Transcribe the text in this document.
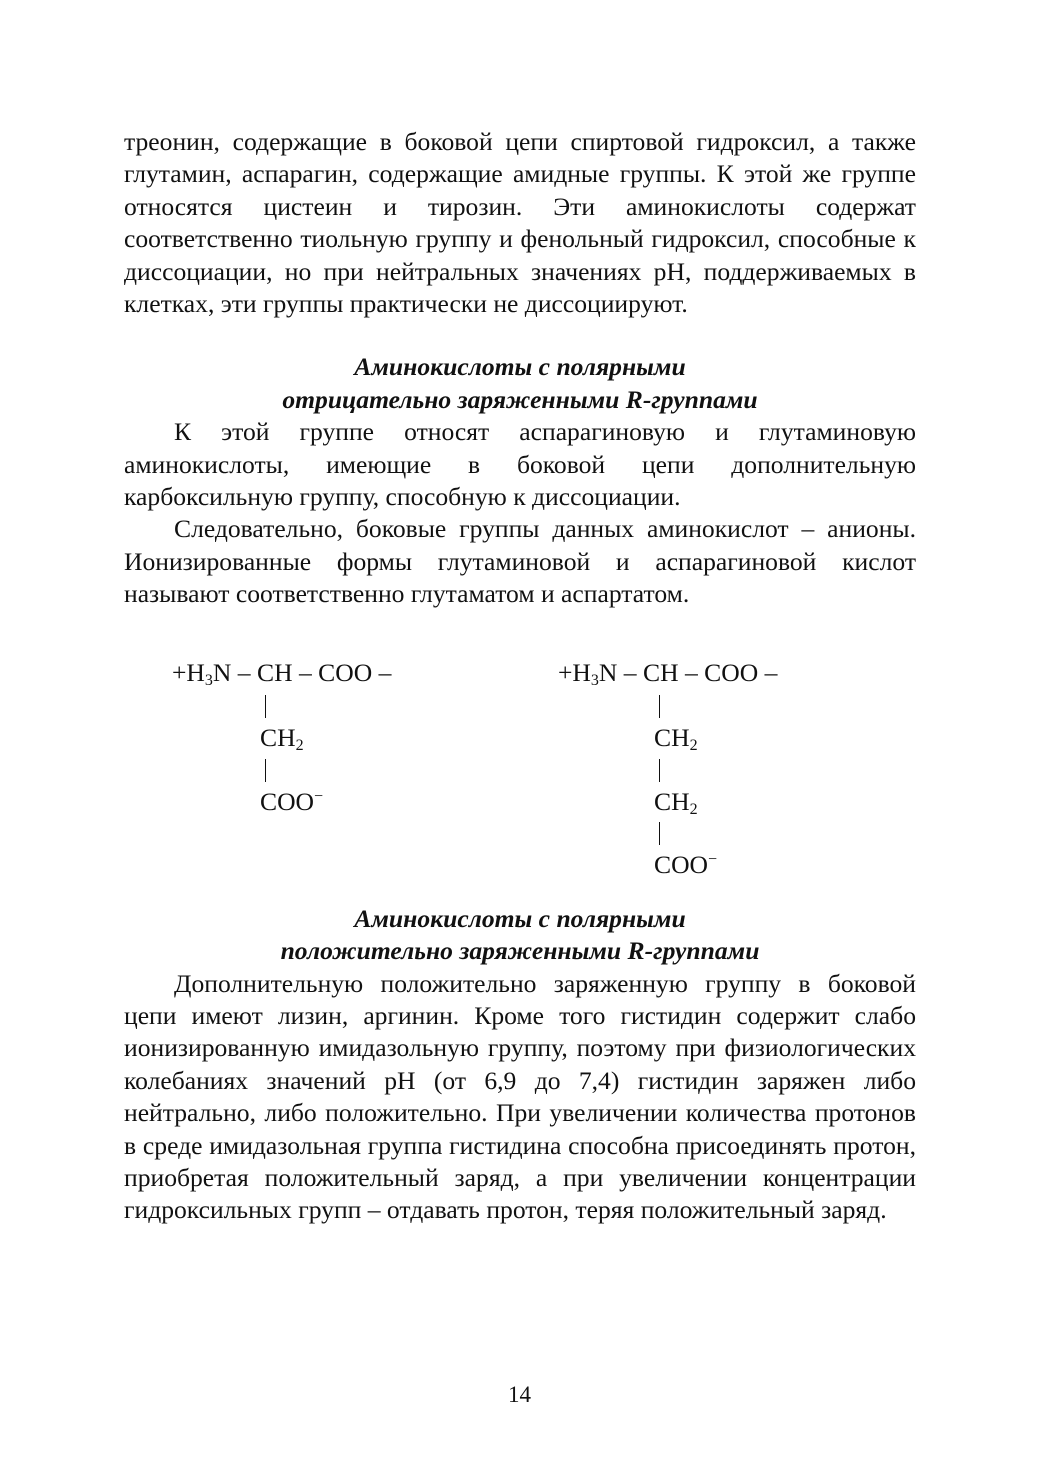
треонин, содержащие в боковой цепи спиртовой гидроксил, а также глутамин, аспарагин, содержащие амидные группы. К этой же группе относятся цистеин и тирозин. Эти аминокислоты содержат соответственно тиольную группу и фенольный гидроксил, способные к диссоциации, но при нейтральных значениях pH, поддерживаемых в клетках, эти группы практически не диссоциируют.

Аминокислоты с полярными
отрицательно заряженными R-группами

К этой группе относят аспарагиновую и глутаминовую аминокислоты, имеющие в боковой цепи дополнительную карбоксильную группу, способную к диссоциации.

Следовательно, боковые группы данных аминокислот – анионы. Ионизированные формы глутаминовой и аспарагиновой кислот называют соответственно глутаматом и аспартатом.

$+H_3N$ – CH – COO –
$CH_2$
COO−
$+H_3N$ – CH – COO –
$CH_2$
$CH_2$
COO−
Аминокислоты с полярными
положительно заряженными R-группами

Дополнительную положительно заряженную группу в боковой цепи имеют лизин, аргинин. Кроме того гистидин содержит слабо ионизированную имидазольную группу, поэтому при физиологических колебаниях значений pH (от 6,9 до 7,4) гистидин заряжен либо нейтрально, либо положительно. При увеличении количества протонов в среде имидазольная группа гистидина способна присоединять протон, приобретая положительный заряд, а при увеличении концентрации гидроксильных групп – отдавать протон, теряя положительный заряд.

14
